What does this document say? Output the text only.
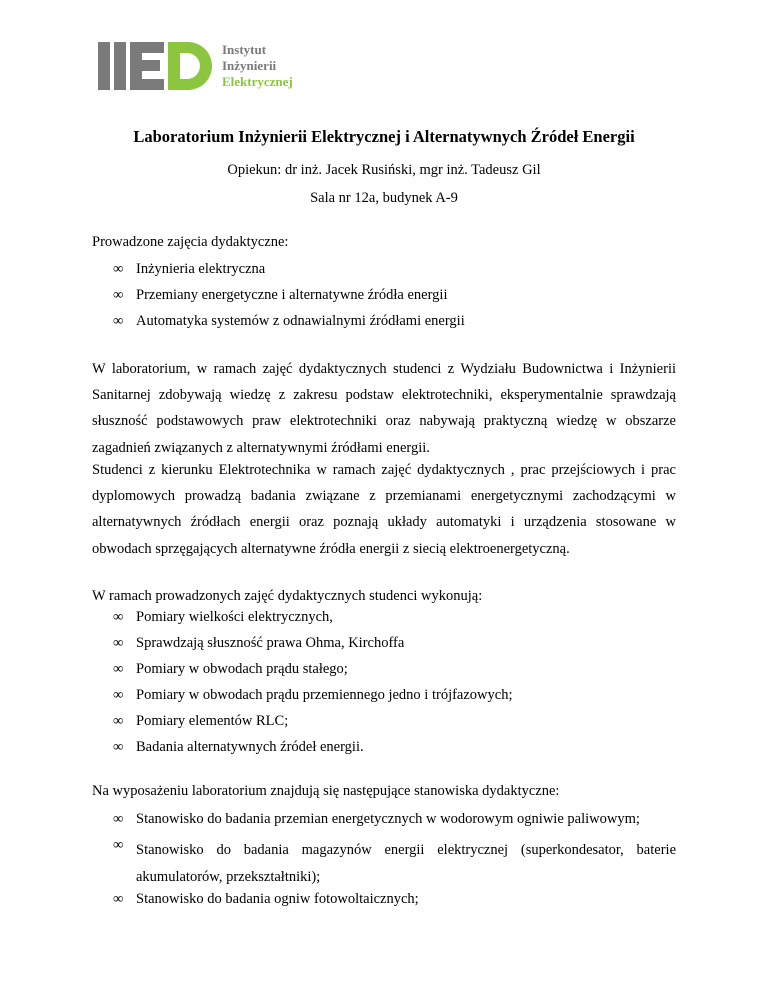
Instytut
Inżynierii
Elektrycznej
Laboratorium Inżynierii Elektrycznej i Alternatywnych Źródeł Energii
Opiekun: dr inż. Jacek Rusiński, mgr inż. Tadeusz Gil
Sala nr 12a, budynek A-9
Prowadzone zajęcia dydaktyczne:
∞ Inżynieria elektryczna
∞ Przemiany energetyczne i alternatywne źródła energii
∞ Automatyka systemów z odnawialnymi źródłami energii
W laboratorium, w ramach zajęć dydaktycznych studenci z Wydziału Budownictwa i Inżynierii Sanitarnej zdobywają wiedzę z zakresu podstaw elektrotechniki, eksperymentalnie sprawdzają słuszność podstawowych praw elektrotechniki oraz nabywają praktyczną wiedzę w obszarze zagadnień związanych z alternatywnymi źródłami energii.
Studenci z kierunku Elektrotechnika w ramach zajęć dydaktycznych , prac przejściowych i prac dyplomowych prowadzą badania związane z przemianami energetycznymi zachodzącymi w alternatywnych źródłach energii oraz poznają układy automatyki i urządzenia stosowane w obwodach sprzęgających alternatywne źródła energii z siecią elektroenergetyczną.
W ramach prowadzonych zajęć dydaktycznych studenci wykonują:
∞ Pomiary wielkości elektrycznych,
∞ Sprawdzają słuszność prawa Ohma, Kirchoffa
∞ Pomiary w obwodach prądu stałego;
∞ Pomiary w obwodach prądu przemiennego jedno i trójfazowych;
∞ Pomiary elementów RLC;
∞ Badania alternatywnych źródeł energii.
Na wyposażeniu laboratorium znajdują się następujące stanowiska dydaktyczne:
∞ Stanowisko do badania przemian energetycznych w wodorowym ogniwie paliwowym;
∞ Stanowisko do badania magazynów energii elektrycznej (superkondesator, baterie akumulatorów, przekształtniki);
∞ Stanowisko do badania ogniw fotowoltaicznych;
